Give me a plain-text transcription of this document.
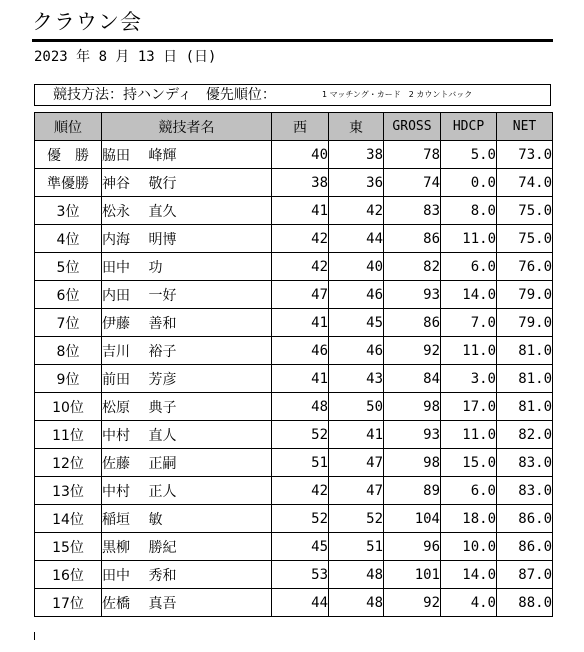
クラウン会
2023 年 8 月 13 日 (日)
競技方法：持ハンディ　優先順位：	1 マッチング・カード　2 カウントバック
順位	競技者名	西	東	GROSS	HDCP	NET
優　勝	脇田　 峰輝	40	38	78	5.0	73.0
準優勝	神谷　 敬行	38	36	74	0.0	74.0
3位	松永　 直久	41	42	83	8.0	75.0
4位	内海　 明博	42	44	86	11.0	75.0
5位	田中　 功	42	40	82	6.0	76.0
6位	内田　 一好	47	46	93	14.0	79.0
7位	伊藤　 善和	41	45	86	7.0	79.0
8位	吉川　 裕子	46	46	92	11.0	81.0
9位	前田　 芳彦	41	43	84	3.0	81.0
10位	松原　 典子	48	50	98	17.0	81.0
11位	中村　 直人	52	41	93	11.0	82.0
12位	佐藤　 正嗣	51	47	98	15.0	83.0
13位	中村　 正人	42	47	89	6.0	83.0
14位	稲垣　 敏	52	52	104	18.0	86.0
15位	黒柳　 勝紀	45	51	96	10.0	86.0
16位	田中　 秀和	53	48	101	14.0	87.0
17位	佐橋　 真吾	44	48	92	4.0	88.0
